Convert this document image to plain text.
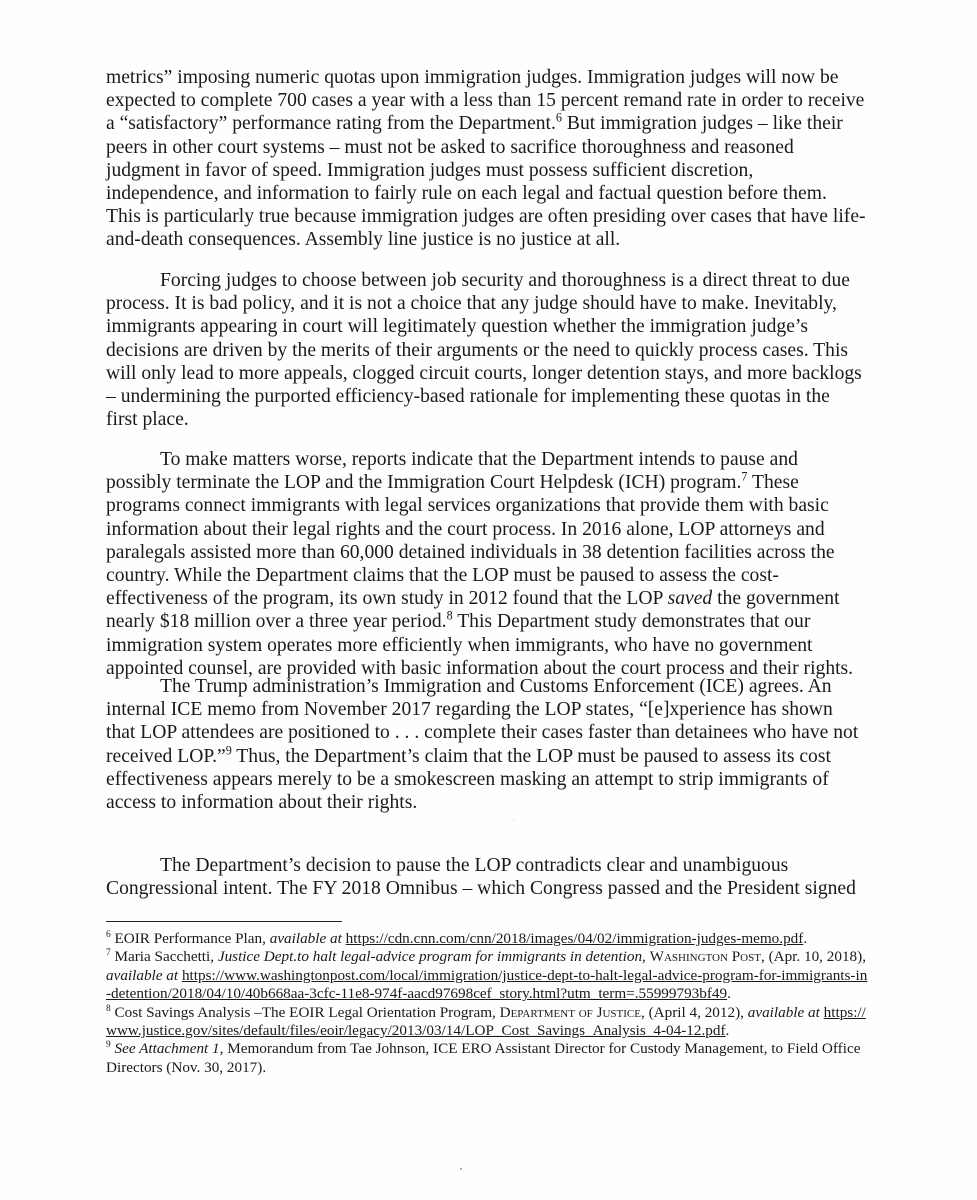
metrics” imposing numeric quotas upon immigration judges. Immigration judges will now be expected to complete 700 cases a year with a less than 15 percent remand rate in order to receive a “satisfactory” performance rating from the Department.$^6$ But immigration judges – like their peers in other court systems – must not be asked to sacrifice thoroughness and reasoned judgment in favor of speed. Immigration judges must possess sufficient discretion, independence, and information to fairly rule on each legal and factual question before them. This is particularly true because immigration judges are often presiding over cases that have life-and-death consequences. Assembly line justice is no justice at all.

Forcing judges to choose between job security and thoroughness is a direct threat to due process. It is bad policy, and it is not a choice that any judge should have to make. Inevitably, immigrants appearing in court will legitimately question whether the immigration judge’s decisions are driven by the merits of their arguments or the need to quickly process cases. This will only lead to more appeals, clogged circuit courts, longer detention stays, and more backlogs – undermining the purported efficiency-based rationale for implementing these quotas in the first place.

To make matters worse, reports indicate that the Department intends to pause and possibly terminate the LOP and the Immigration Court Helpdesk (ICH) program.$^7$ These programs connect immigrants with legal services organizations that provide them with basic information about their legal rights and the court process. In 2016 alone, LOP attorneys and paralegals assisted more than 60,000 detained individuals in 38 detention facilities across the country. While the Department claims that the LOP must be paused to assess the cost-effectiveness of the program, its own study in 2012 found that the LOP saved the government nearly $18 million over a three year period.$^8$ This Department study demonstrates that our immigration system operates more efficiently when immigrants, who have no government appointed counsel, are provided with basic information about the court process and their rights.

The Trump administration’s Immigration and Customs Enforcement (ICE) agrees. An internal ICE memo from November 2017 regarding the LOP states, “[e]xperience has shown that LOP attendees are positioned to . . . complete their cases faster than detainees who have not received LOP.”$^9$ Thus, the Department’s claim that the LOP must be paused to assess its cost effectiveness appears merely to be a smokescreen masking an attempt to strip immigrants of access to information about their rights.

The Department’s decision to pause the LOP contradicts clear and unambiguous Congressional intent. The FY 2018 Omnibus – which Congress passed and the President signed

$^6$ EOIR Performance Plan, available at https://cdn.cnn.com/cnn/2018/images/04/02/immigration-judges-memo.pdf.

$^7$ Maria Sacchetti, Justice Dept.to halt legal-advice program for immigrants in detention, Washington Post, (Apr. 10, 2018), available at https://www.washingtonpost.com/local/immigration/justice-dept-to-halt-legal-advice-program-for-immigrants-in-detention/2018/04/10/40b668aa-3cfc-11e8-974f-aacd97698cef_story.html?utm_term=.55999793bf49.

$^8$ Cost Savings Analysis –The EOIR Legal Orientation Program, Department of Justice, (April 4, 2012), available at https://www.justice.gov/sites/default/files/eoir/legacy/2013/03/14/LOP_Cost_Savings_Analysis_4-04-12.pdf.

$^9$ See Attachment 1, Memorandum from Tae Johnson, ICE ERO Assistant Director for Custody Management, to Field Office Directors (Nov. 30, 2017).
